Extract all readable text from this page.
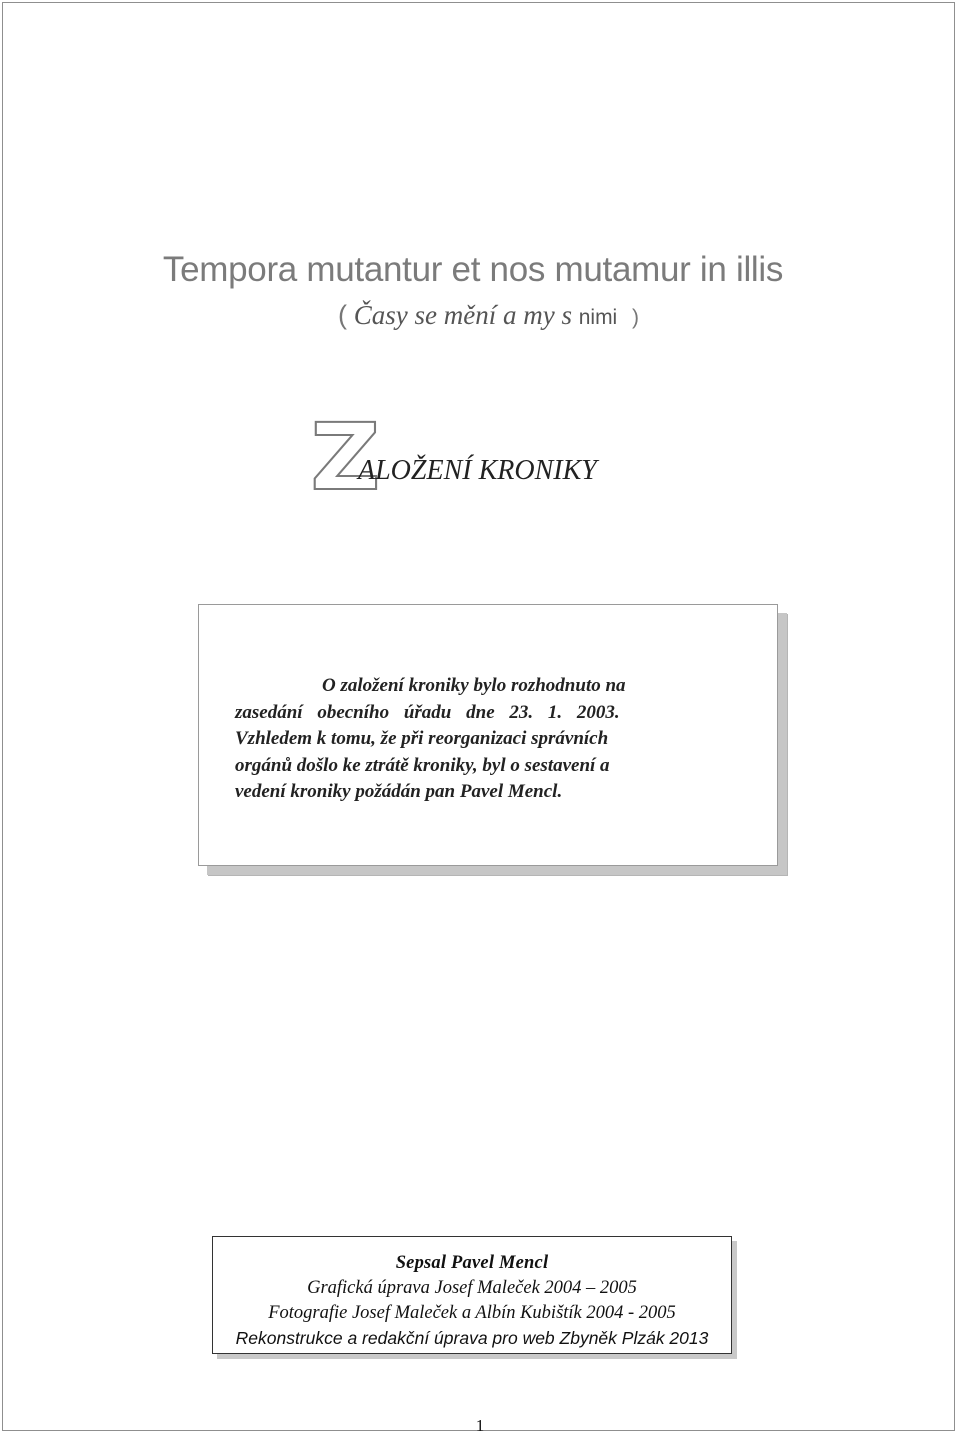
Tempora mutantur et nos mutamur in illis
( Časy se mění a my s nimi )
Z
ALOŽENÍ KRONIKY
O založení kroniky bylo rozhodnuto na
zasedání obecního úřadu dne 23. 1. 2003.
Vzhledem k tomu, že při reorganizaci správních
orgánů došlo ke ztrátě kroniky, byl o sestavení a
vedení kroniky požádán pan Pavel Mencl.
Sepsal Pavel Mencl
Grafická úprava Josef Maleček 2004 – 2005
Fotografie Josef Maleček a Albín Kubištík 2004 - 2005
Rekonstrukce a redakční úprava pro web Zbyněk Plzák 2013
1
